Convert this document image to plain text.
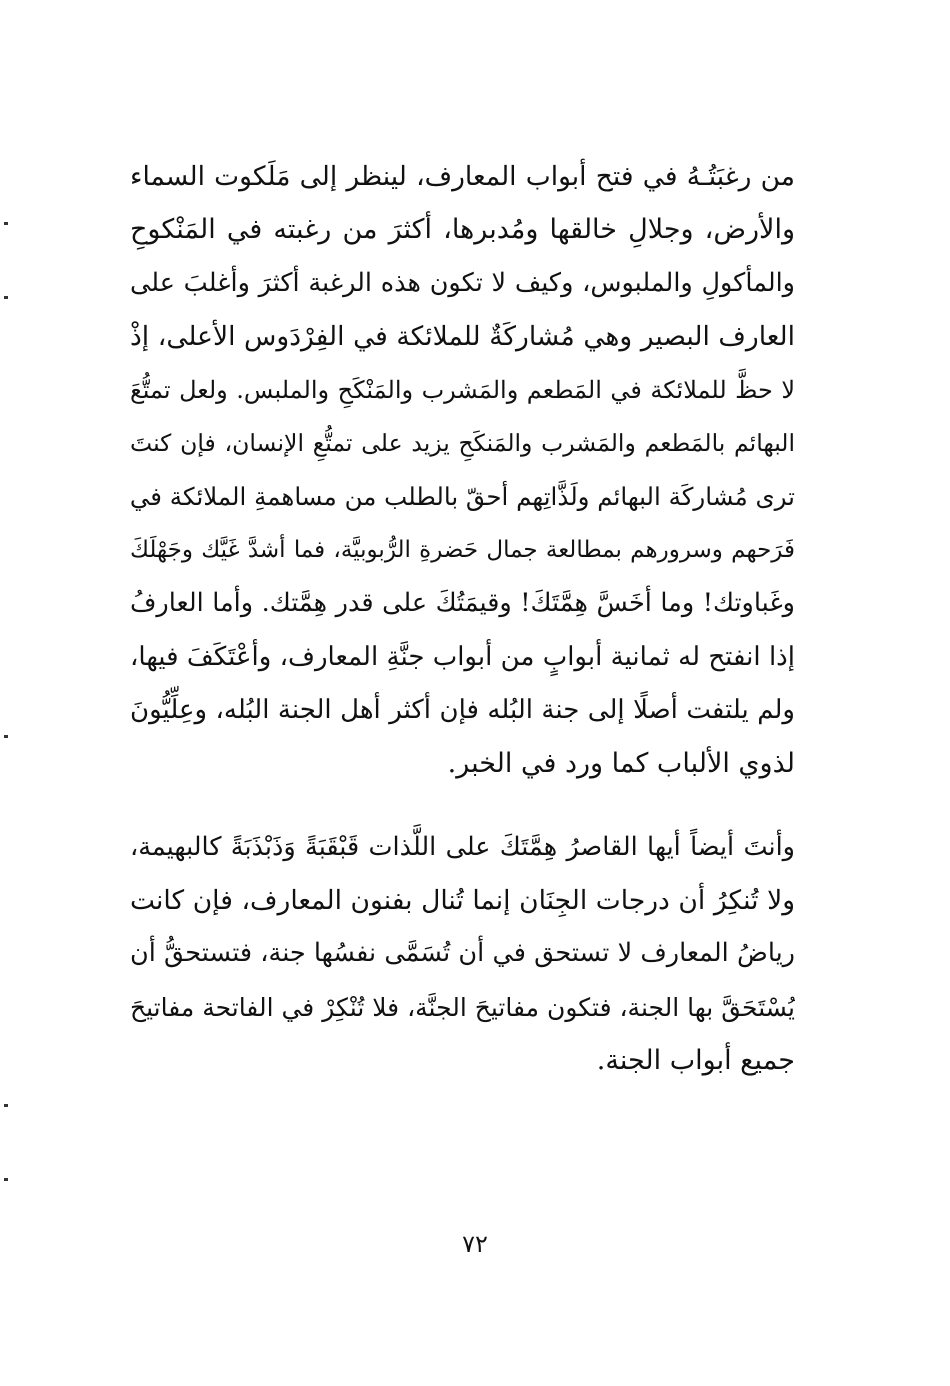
من رغبَتُـهُ في فتح أبواب المعارف، لينظر إلى مَلَكوت السماء
والأرض، وجلالِ خالقها ومُدبرها، أكثرَ من رغبته في المَنْكوحِ
والمأكولِ والملبوس، وكيف لا تكون هذه الرغبة أكثرَ وأغلبَ على
العارف البصير وهي مُشاركَةٌ للملائكة في الفِرْدَوس الأعلى، إذْ
لا حظَّ للملائكة في المَطعم والمَشرب والمَنْكَحِ والملبس. ولعل تمتُّعَ
البهائم بالمَطعم والمَشرب والمَنكَحِ يزيد على تمتُّعِ الإنسان، فإن كنتَ
ترى مُشاركَة البهائم ولَذَّاتِهم أحقّ بالطلب من مساهمةِ الملائكة في
فَرَحهم وسرورهم بمطالعة جمال حَضرةِ الرُّبوبيَّة، فما أشدَّ غَيَّك وجَهْلَكَ
وغَباوتك! وما أخَسَّ هِمَّتَكَ! وقيمَتُكَ على قدر هِمَّتك. وأما العارفُ
إذا انفتح له ثمانية أبوابٍ من أبواب جنَّةِ المعارف، وأعْتَكَفَ فيها،
ولم يلتفت أصلًا إلى جنة البُله فإن أكثر أهل الجنة البُله، وعِلِّيُّونَ
لذوي الألباب كما ورد في الخبر.
وأنتَ أيضاً أيها القاصرُ هِمَّتَكَ على اللَّذات قَبْقَبَةً وَذَبْذَبَةً كالبهيمة،
ولا تُنكِرُ أن درجات الجِنَان إنما تُنال بفنون المعارف، فإن كانت
رياضُ المعارف لا تستحق في أن تُسَمَّى نفسُها جنة، فتستحقُّ أن
يُسْتَحَقَّ بها الجنة، فتكون مفاتيحَ الجنَّة، فلا تُنْكِرْ في الفاتحة مفاتيحَ
جميع أبواب الجنة.
٧٢
